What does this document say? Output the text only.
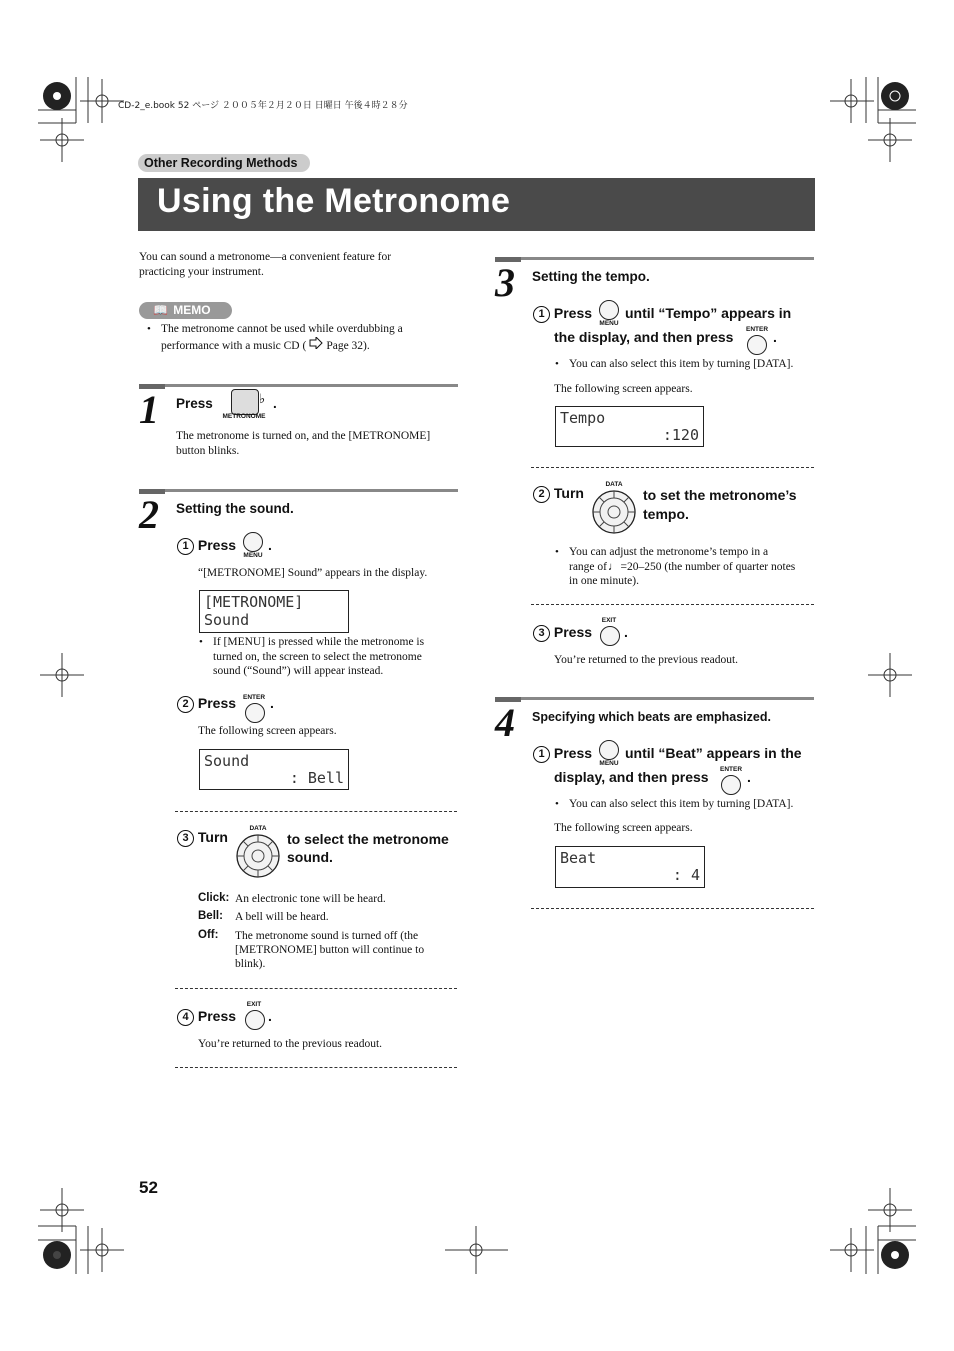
CD-2_e.book 52 ページ ２００５年２月２０日 日曜日 午後４時２８分
Other Recording Methods
Using the Metronome
You can sound a metronome—a convenient feature for
practicing your instrument.
📖 MEMO
• The metronome cannot be used while overdubbing a
performance with a music CD ( Page 32).
1 Press	♭
METRONOME
.
The metronome is turned on, and the [METRONOME]
button blinks.
2 Setting the sound.
1 Press
MENU
.
“[METRONOME] Sound” appears in the display.
[METRONOME]
Sound
• If [MENU] is pressed while the metronome is
turned on, the screen to select the metronome
sound (“Sound”) will appear instead.
2 Press	ENTER .
The following screen appears.
Sound
: Bell
3 Turn
DATA
to select the metronome
sound.
Click: An electronic tone will be heard.
Bell: A bell will be heard.
Off: The metronome sound is turned off (the
[METRONOME] button will continue to
blink).
4 Press
EXIT
.
You’re returned to the previous readout.
3 Setting the tempo.
1 Press
MENU
until “Tempo” appears in
the display, and then press	ENTER .
• You can also select this item by turning [DATA].
The following screen appears.
Tempo
:120
2 Turn
DATA
to set the metronome’s
tempo.
• You can adjust the metronome’s tempo in a
range of♩=20–250 (the number of quarter notes
in one minute).
3 Press
EXIT
.
You’re returned to the previous readout.
4 Specifying which beats are emphasized.
1 Press
MENU
until “Beat” appears in the
display, and then press	ENTER .
• You can also select this item by turning [DATA].
The following screen appears.
Beat
: 4
52
